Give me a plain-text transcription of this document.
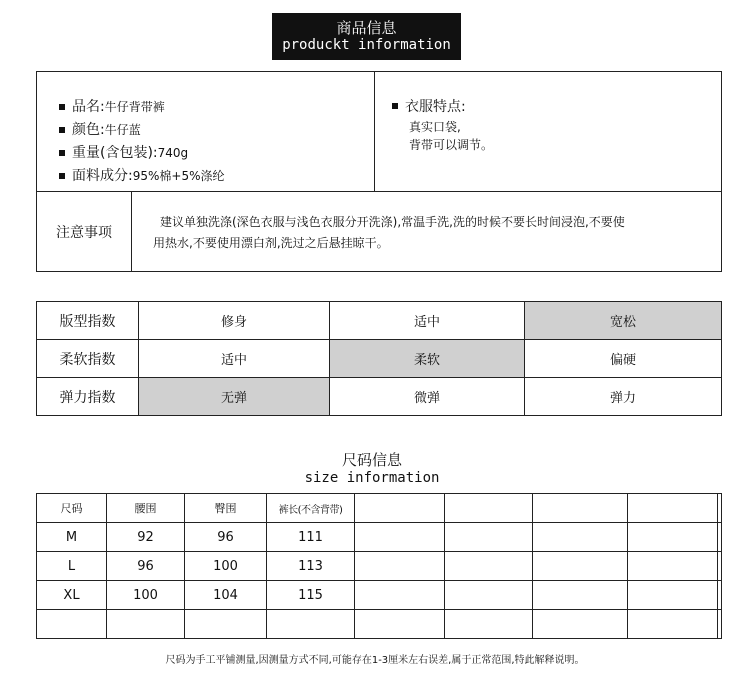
商品信息
produckt information
品名:牛仔背带裤
颜色:牛仔蓝
重量(含包装):740g
面料成分:95%棉+5%涤纶
衣服特点:
真实口袋,
背带可以调节。
注意事项
建议单独洗涤(深色衣服与浅色衣服分开洗涤),常温手洗,洗的时候不要长时间浸泡,不要使
用热水,不要使用漂白剂,洗过之后悬挂晾干。
版型指数	修身	适中	宽松
柔软指数	适中	柔软	偏硬
弹力指数	无弹	微弹	弹力
尺码信息
size information
尺码	腰围	臀围	裤长(不含背带)					
M	92	96	111					
L	96	100	113					
XL	100	104	115					

尺码为手工平铺测量,因测量方式不同,可能存在1-3厘米左右误差,属于正常范围,特此解释说明。
